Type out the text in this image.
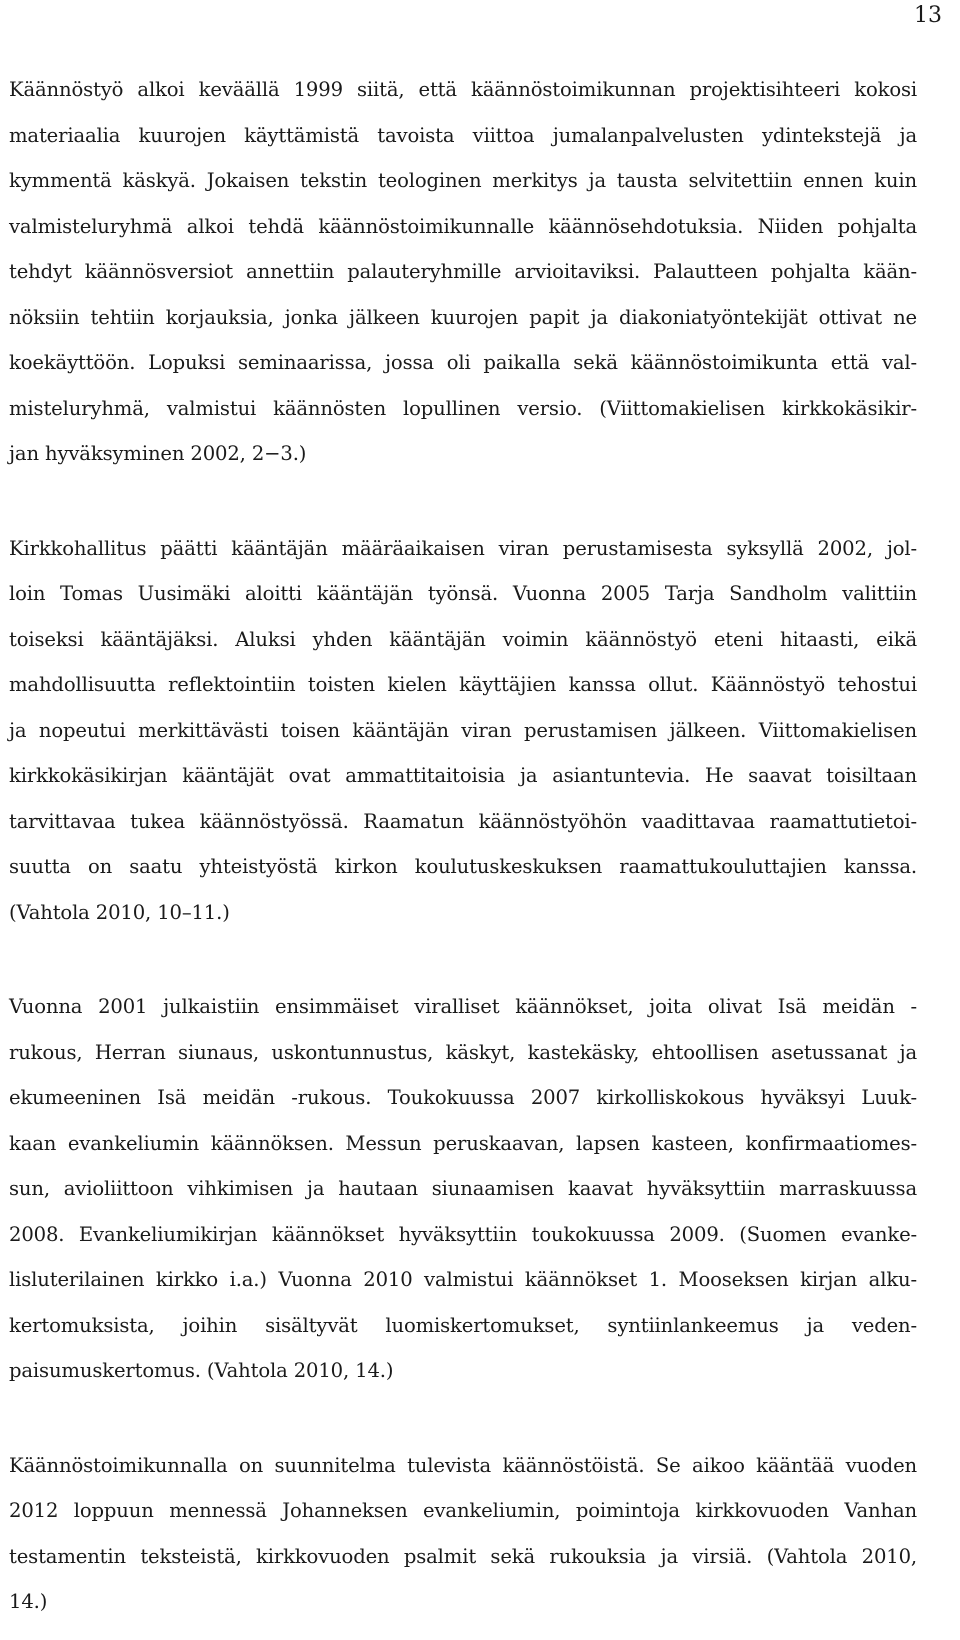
13

Käännöstyö alkoi keväällä 1999 siitä, että käännöstoimikunnan projektisihteeri kokosi
materiaalia kuurojen käyttämistä tavoista viittoa jumalanpalvelusten ydintekstejä ja
kymmentä käskyä. Jokaisen tekstin teologinen merkitys ja tausta selvitettiin ennen kuin
valmisteluryhmä alkoi tehdä käännöstoimikunnalle käännösehdotuksia. Niiden pohjalta
tehdyt käännösversiot annettiin palauteryhmille arvioitaviksi. Palautteen pohjalta kään-
nöksiin tehtiin korjauksia, jonka jälkeen kuurojen papit ja diakoniatyöntekijät ottivat ne
koekäyttöön. Lopuksi seminaarissa, jossa oli paikalla sekä käännöstoimikunta että val-
misteluryhmä, valmistui käännösten lopullinen versio. (Viittomakielisen kirkkokäsikir-
jan hyväksyminen 2002, 2−3.)

Kirkkohallitus päätti kääntäjän määräaikaisen viran perustamisesta syksyllä 2002, jol-
loin Tomas Uusimäki aloitti kääntäjän työnsä. Vuonna 2005 Tarja Sandholm valittiin
toiseksi kääntäjäksi. Aluksi yhden kääntäjän voimin käännöstyö eteni hitaasti, eikä
mahdollisuutta reflektointiin toisten kielen käyttäjien kanssa ollut. Käännöstyö tehostui
ja nopeutui merkittävästi toisen kääntäjän viran perustamisen jälkeen. Viittomakielisen
kirkkokäsikirjan kääntäjät ovat ammattitaitoisia ja asiantuntevia. He saavat toisiltaan
tarvittavaa tukea käännöstyössä. Raamatun käännöstyöhön vaadittavaa raamattutietoi-
suutta on saatu yhteistyöstä kirkon koulutuskeskuksen raamattukouluttajien kanssa.
(Vahtola 2010, 10–11.)

Vuonna 2001 julkaistiin ensimmäiset viralliset käännökset, joita olivat Isä meidän -
rukous, Herran siunaus, uskontunnustus, käskyt, kastekäsky, ehtoollisen asetussanat ja
ekumeeninen Isä meidän -rukous. Toukokuussa 2007 kirkolliskokous hyväksyi Luuk-
kaan evankeliumin käännöksen. Messun peruskaavan, lapsen kasteen, konfirmaatiomes-
sun, avioliittoon vihkimisen ja hautaan siunaamisen kaavat hyväksyttiin marraskuussa
2008. Evankeliumikirjan käännökset hyväksyttiin toukokuussa 2009. (Suomen evanke-
lisluterilainen kirkko i.a.) Vuonna 2010 valmistui käännökset 1. Mooseksen kirjan alku-
kertomuksista, joihin sisältyvät luomiskertomukset, syntiinlankeemus ja veden-
paisumuskertomus. (Vahtola 2010, 14.)

Käännöstoimikunnalla on suunnitelma tulevista käännöstöistä. Se aikoo kääntää vuoden
2012 loppuun mennessä Johanneksen evankeliumin, poimintoja kirkkovuoden Vanhan
testamentin teksteistä, kirkkovuoden psalmit sekä rukouksia ja virsiä. (Vahtola 2010,
14.)
